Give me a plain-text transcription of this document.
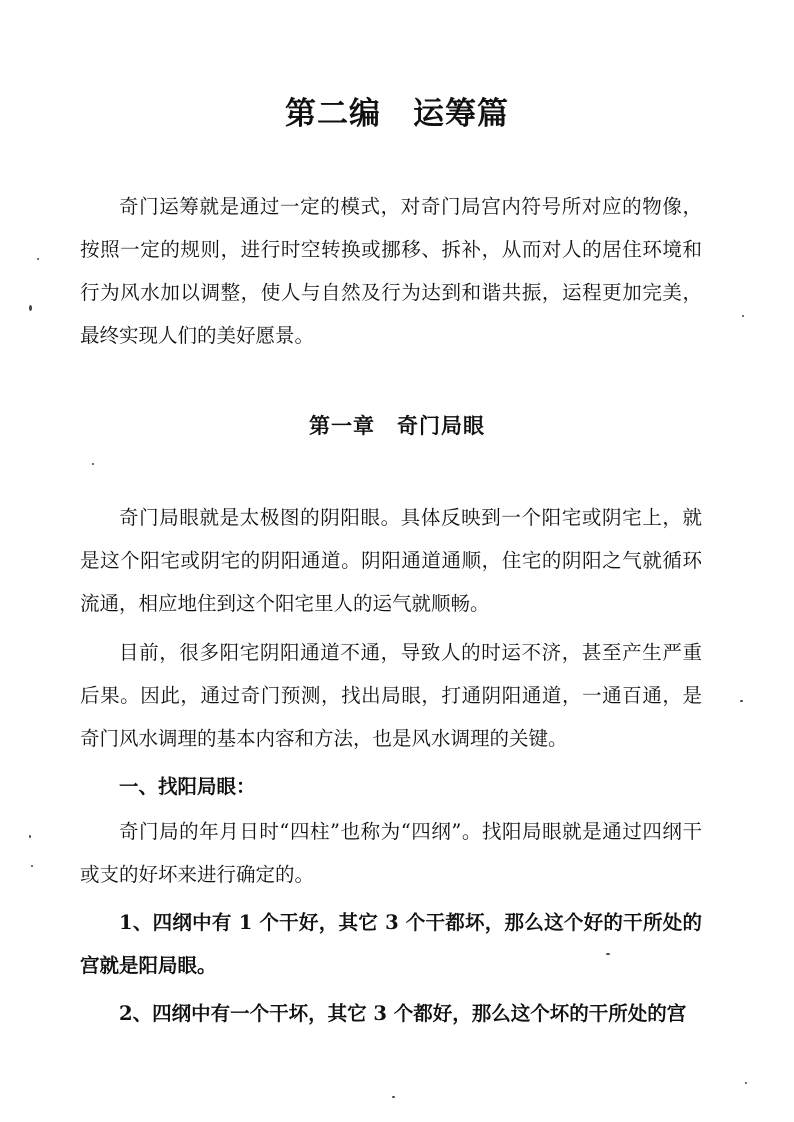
第二编　运筹篇

奇门运筹就是通过一定的模式，对奇门局宫内符号所对应的物像，按照一定的规则，进行时空转换或挪移、拆补，从而对人的居住环境和行为风水加以调整，使人与自然及行为达到和谐共振，运程更加完美，最终实现人们的美好愿景。

第一章　奇门局眼

奇门局眼就是太极图的阴阳眼。具体反映到一个阳宅或阴宅上，就是这个阳宅或阴宅的阴阳通道。阴阳通道通顺，住宅的阴阳之气就循环流通，相应地住到这个阳宅里人的运气就顺畅。

目前，很多阳宅阴阳通道不通，导致人的时运不济，甚至产生严重后果。因此，通过奇门预测，找出局眼，打通阴阳通道，一通百通，是奇门风水调理的基本内容和方法，也是风水调理的关键。

一、找阳局眼：

奇门局的年月日时“四柱”也称为“四纲”。找阳局眼就是通过四纲干或支的好坏来进行确定的。

1、四纲中有 1 个干好，其它 3 个干都坏，那么这个好的干所处的宫就是阳局眼。

2、四纲中有一个干坏，其它 3 个都好，那么这个坏的干所处的宫
